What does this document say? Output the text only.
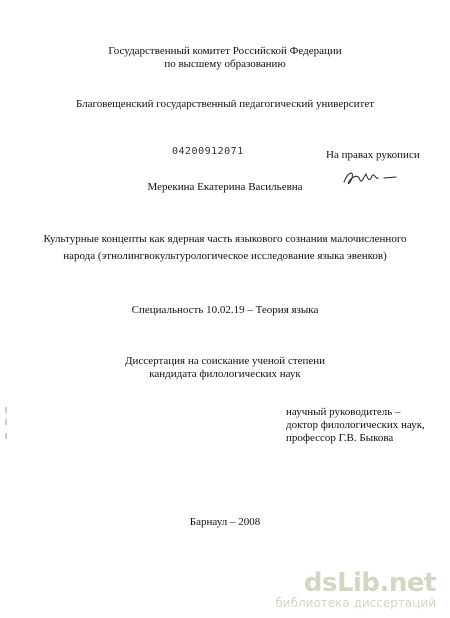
Государственный комитет Российской Федерации
по высшему образованию
Благовещенский государственный педагогический университет
04200912071	На правах рукописи
Мерекина Екатерина Васильевна
Культурные концепты как ядерная часть языкового сознания малочисленного
народа (этнолингвокультурологическое исследование языка эвенков)
Специальность 10.02.19 – Теория языка
Диссертация на соискание ученой степени
кандидата филологических наук
научный руководитель –
доктор филологических наук,
профессор Г.В. Быкова
Барнаул – 2008
dsLib.net
библиотека диссертаций
